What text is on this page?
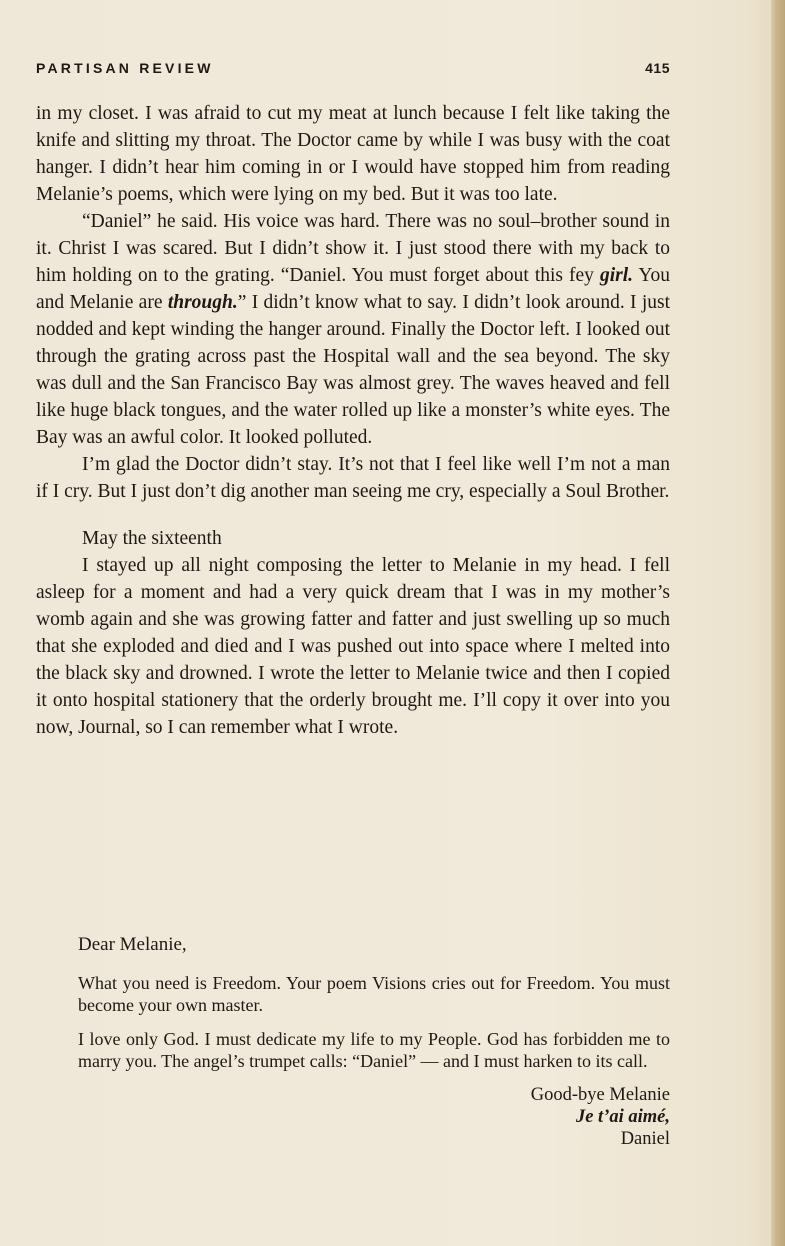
PARTISAN REVIEW	415

in my closet. I was afraid to cut my meat at lunch because I felt like taking the knife and slitting my throat. The Doctor came by while I was busy with the coat hanger. I didn’t hear him coming in or I would have stopped him from reading Melanie’s poems, which were lying on my bed. But it was too late.

“Daniel” he said. His voice was hard. There was no soul–brother sound in it. Christ I was scared. But I didn’t show it. I just stood there with my back to him holding on to the grating. “Daniel. You must forget about this fey girl. You and Melanie are through.” I didn’t know what to say. I didn’t look around. I just nodded and kept winding the hanger around. Finally the Doctor left. I looked out through the grating across past the Hospital wall and the sea beyond. The sky was dull and the San Francisco Bay was almost grey. The waves heaved and fell like huge black tongues, and the water rolled up like a monster’s white eyes. The Bay was an awful color. It looked polluted.

I’m glad the Doctor didn’t stay. It’s not that I feel like well I’m not a man if I cry. But I just don’t dig another man seeing me cry, especially a Soul Brother.

May the sixteenth

I stayed up all night composing the letter to Melanie in my head. I fell asleep for a moment and had a very quick dream that I was in my mother’s womb again and she was growing fatter and fatter and just swelling up so much that she exploded and died and I was pushed out into space where I melted into the black sky and drowned. I wrote the letter to Melanie twice and then I copied it onto hospital stationery that the orderly brought me. I’ll copy it over into you now, Journal, so I can remember what I wrote.

Dear Melanie,

What you need is Freedom. Your poem Visions cries out for Freedom. You must become your own master.

I love only God. I must dedicate my life to my People. God has forbidden me to marry you. The angel’s trumpet calls: “Daniel” — and I must harken to its call.

Good-bye Melanie

Je t’ai aimé,

Daniel
